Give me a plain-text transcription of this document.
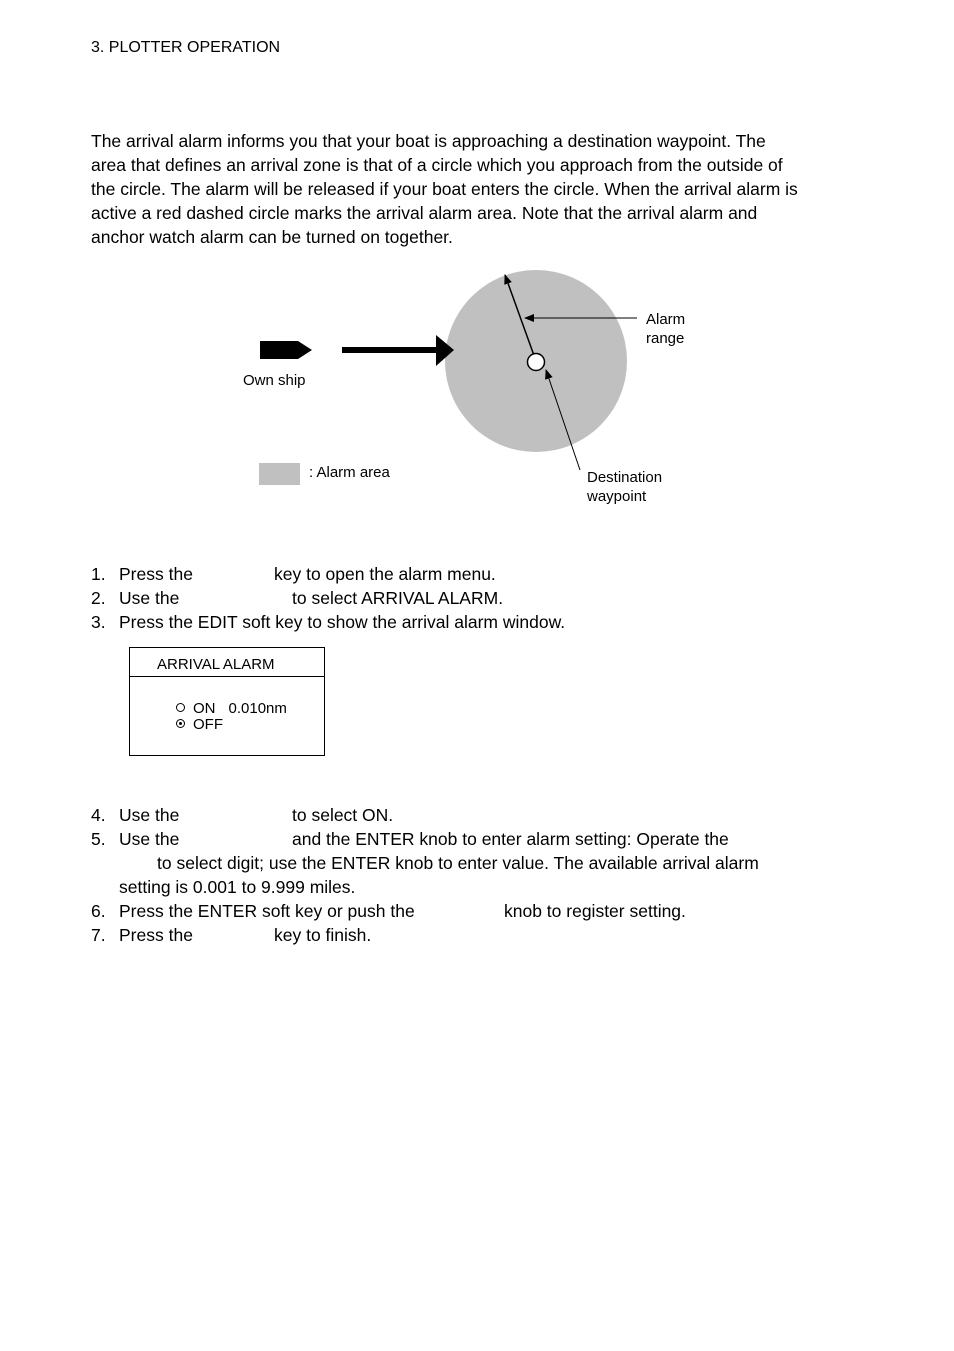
3. PLOTTER OPERATION
The arrival alarm informs you that your boat is approaching a destination waypoint. The
area that defines an arrival zone is that of a circle which you approach from the outside of
the circle. The alarm will be released if your boat enters the circle. When the arrival alarm is
active a red dashed circle marks the arrival alarm area. Note that the arrival alarm and
anchor watch alarm can be turned on together.
Own ship
Alarm
range
: Alarm area	Destination
waypoint
1. Press the	key to open the alarm menu.
2. Use the	to select ARRIVAL ALARM.
3. Press the EDIT soft key to show the arrival alarm window.
ARRIVAL ALARM
ON 0.010nm
OFF
4. Use the	to select ON.
5. Use the	and the ENTER knob to enter alarm setting: Operate the
to select digit; use the ENTER knob to enter value. The available arrival alarm
setting is 0.001 to 9.999 miles.
6. Press the ENTER soft key or push the	knob to register setting.
7. Press the	key to finish.
